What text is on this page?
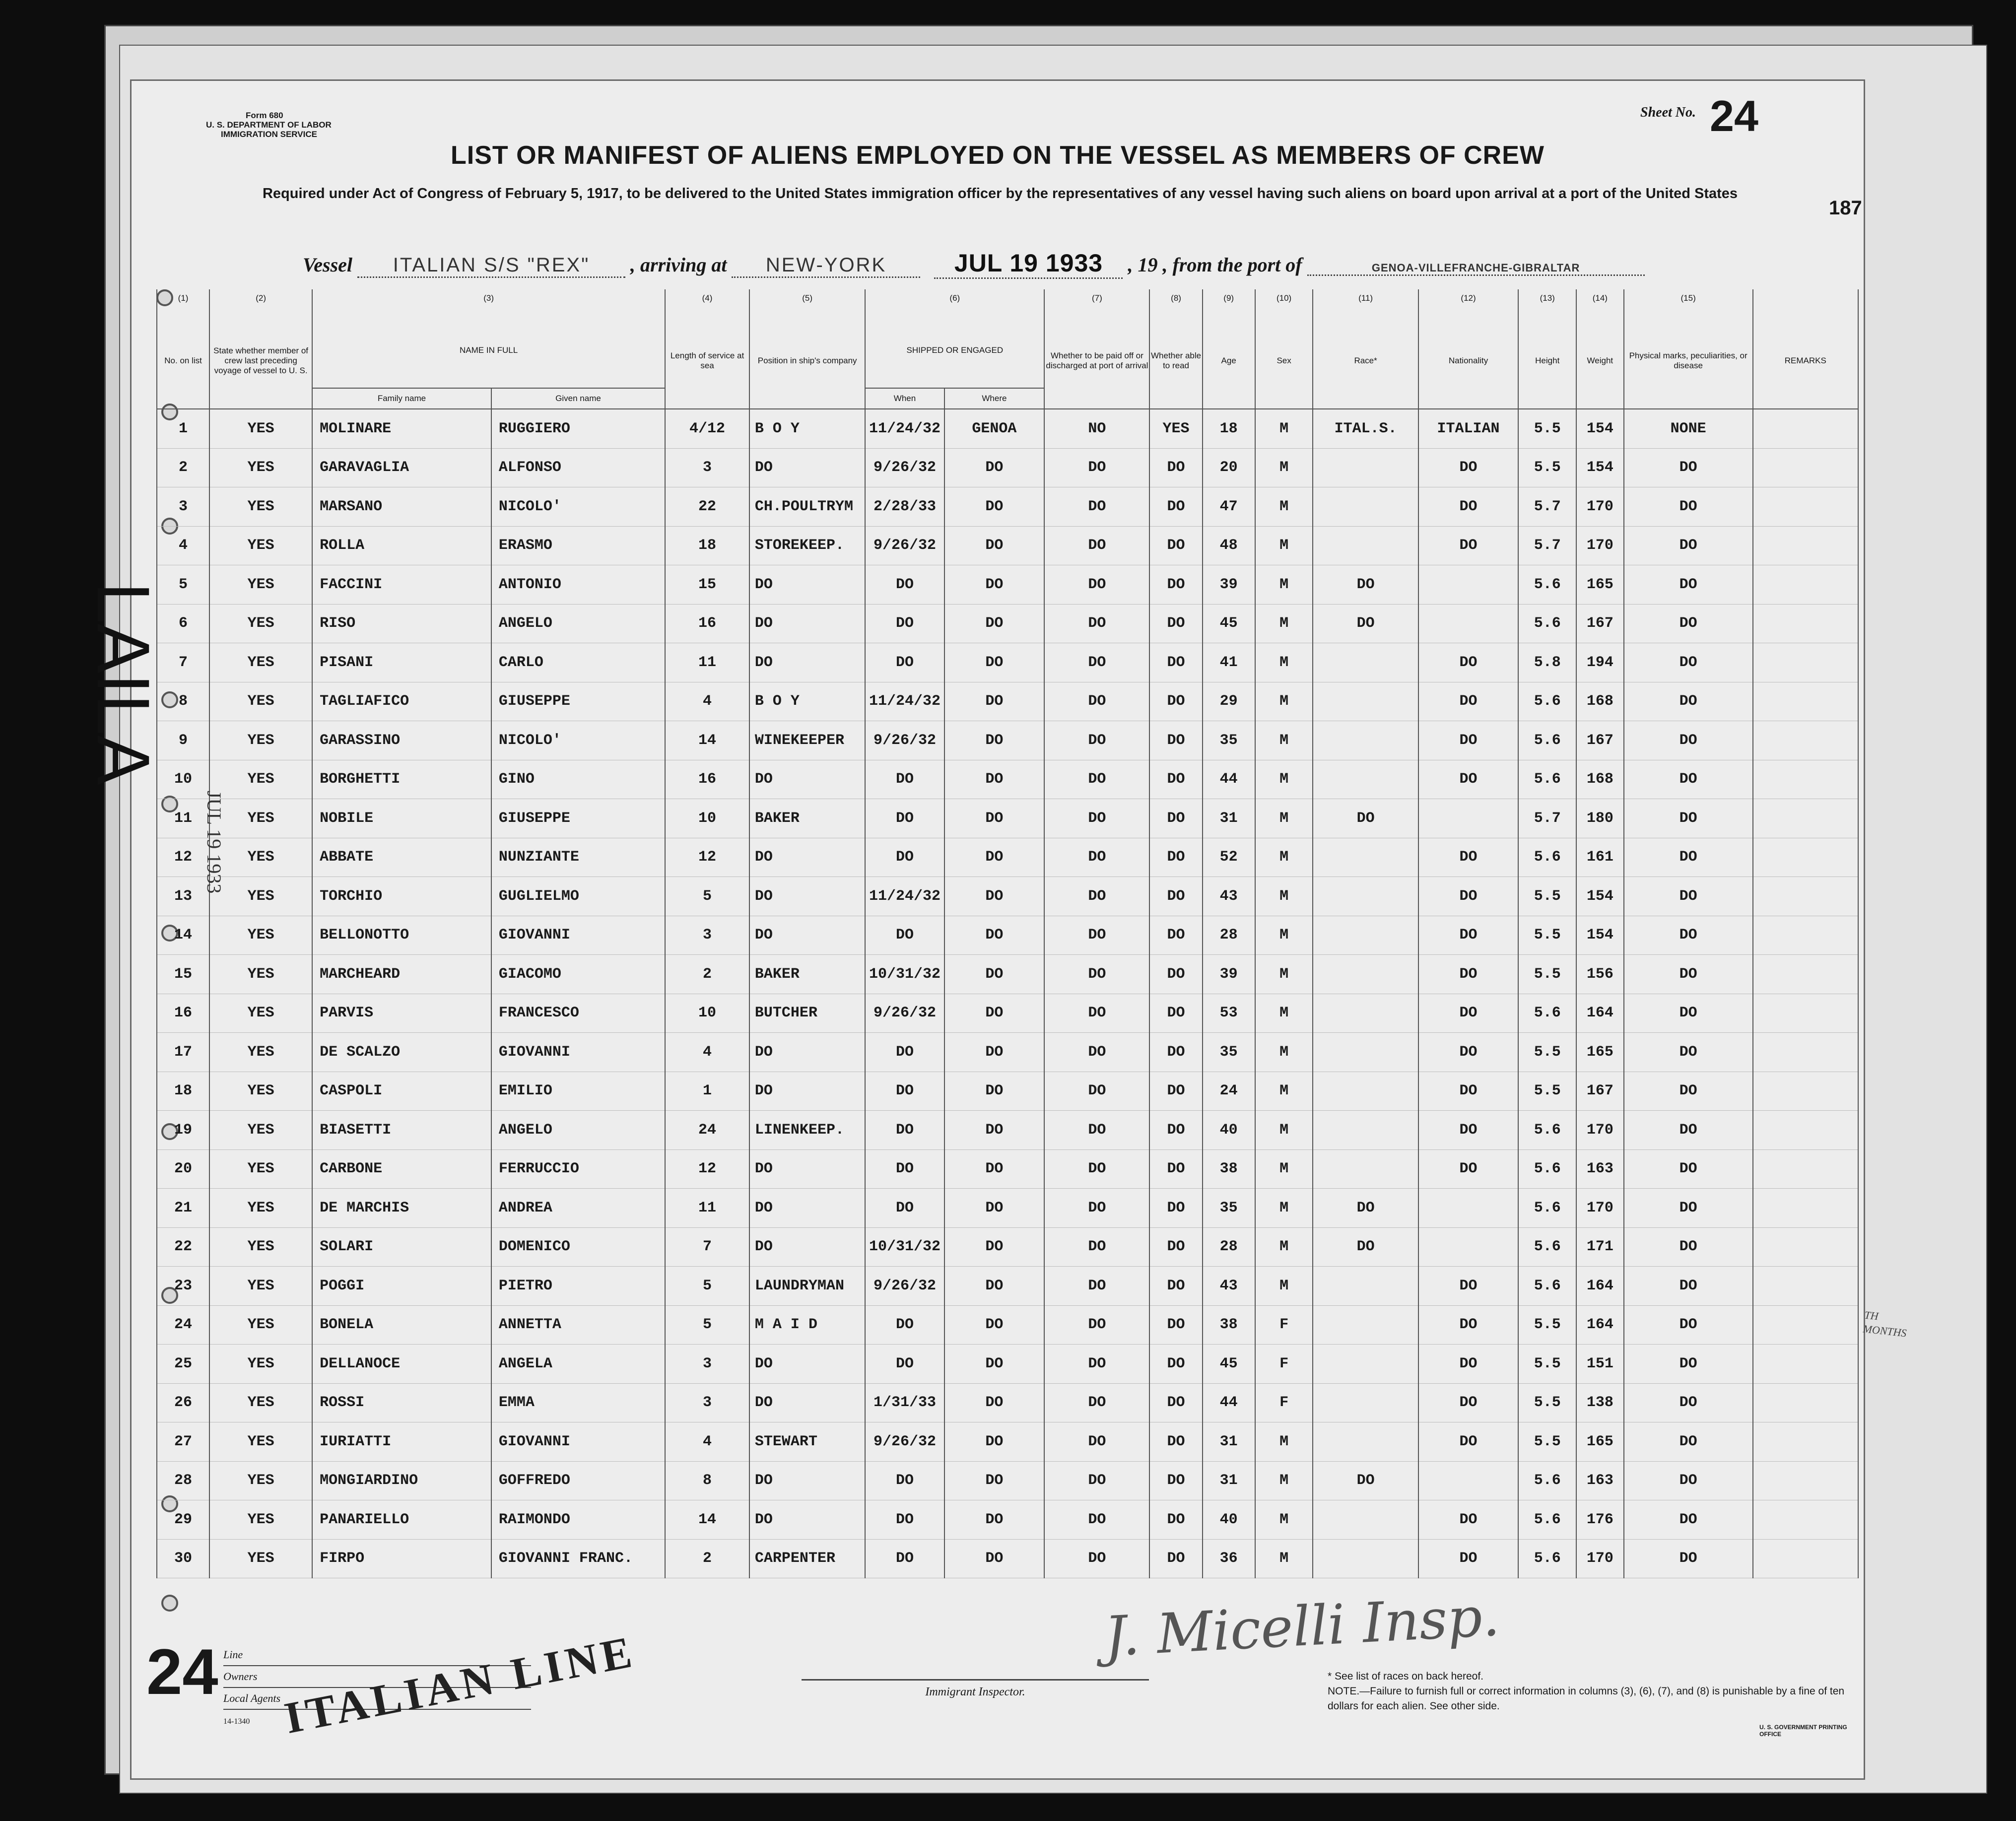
Form 680
U. S. DEPARTMENT OF LABOR
IMMIGRATION SERVICE
Sheet No. 24
LIST OR MANIFEST OF ALIENS EMPLOYED ON THE VESSEL AS MEMBERS OF CREW
Required under Act of Congress of February 5, 1917, to be delivered to the United States immigration officer by the representatives of any vessel having such aliens on board upon arrival at a port of the United States
187
Vessel ITALIAN S/S "REX" , arriving at NEW-YORK	JUL 19 1933 , 19 , from the port of	GENOA-VILLEFRANCHE-GIBRALTAR
(1)	(2)	(3)		(4)	(5)	(6)		(7)	(8)	(9)	(10)	(11)	(12)	(13)	(14)	(15)	
No. on list	State whether member of crew last preceding voyage of vessel to U. S.	NAME IN FULL		Length of service at sea	Position in ship's company	SHIPPED OR ENGAGED		Whether to be paid off or discharged at port of arrival	Whether able to read	Age	Sex	Race*	Nationality	Height	Weight	Physical marks, peculiarities, or disease	REMARKS
		Family name	Given name			When	Where										
1	YES	MOLINARE	RUGGIERO	4/12	B O Y	11/24/32	GENOA	NO	YES	18	M	ITAL.S.	ITALIAN	5.5	154	NONE	
2	YES	GARAVAGLIA	ALFONSO	3	DO	9/26/32	DO	DO	DO	20	M		DO	5.5	154	DO	
3	YES	MARSANO	NICOLO'	22	CH.POULTRYM	2/28/33	DO	DO	DO	47	M		DO	5.7	170	DO	
4	YES	ROLLA	ERASMO	18	STOREKEEP.	9/26/32	DO	DO	DO	48	M		DO	5.7	170	DO	
5	YES	FACCINI	ANTONIO	15	DO	DO	DO	DO	DO	39	M	DO		5.6	165	DO	
6	YES	RISO	ANGELO	16	DO	DO	DO	DO	DO	45	M	DO		5.6	167	DO	
7	YES	PISANI	CARLO	11	DO	DO	DO	DO	DO	41	M		DO	5.8	194	DO	
8	YES	TAGLIAFICO	GIUSEPPE	4	B O Y	11/24/32	DO	DO	DO	29	M		DO	5.6	168	DO	
9	YES	GARASSINO	NICOLO'	14	WINEKEEPER	9/26/32	DO	DO	DO	35	M		DO	5.6	167	DO	
10	YES	BORGHETTI	GINO	16	DO	DO	DO	DO	DO	44	M		DO	5.6	168	DO	
11	YES	NOBILE	GIUSEPPE	10	BAKER	DO	DO	DO	DO	31	M	DO		5.7	180	DO	
12	YES	ABBATE	NUNZIANTE	12	DO	DO	DO	DO	DO	52	M		DO	5.6	161	DO	
13	YES	TORCHIO	GUGLIELMO	5	DO	11/24/32	DO	DO	DO	43	M		DO	5.5	154	DO	
14	YES	BELLONOTTO	GIOVANNI	3	DO	DO	DO	DO	DO	28	M		DO	5.5	154	DO	
15	YES	MARCHEARD	GIACOMO	2	BAKER	10/31/32	DO	DO	DO	39	M		DO	5.5	156	DO	
16	YES	PARVIS	FRANCESCO	10	BUTCHER	9/26/32	DO	DO	DO	53	M		DO	5.6	164	DO	
17	YES	DE SCALZO	GIOVANNI	4	DO	DO	DO	DO	DO	35	M		DO	5.5	165	DO	
18	YES	CASPOLI	EMILIO	1	DO	DO	DO	DO	DO	24	M		DO	5.5	167	DO	
19	YES	BIASETTI	ANGELO	24	LINENKEEP.	DO	DO	DO	DO	40	M		DO	5.6	170	DO	
20	YES	CARBONE	FERRUCCIO	12	DO	DO	DO	DO	DO	38	M		DO	5.6	163	DO	
21	YES	DE MARCHIS	ANDREA	11	DO	DO	DO	DO	DO	35	M	DO		5.6	170	DO	
22	YES	SOLARI	DOMENICO	7	DO	10/31/32	DO	DO	DO	28	M	DO		5.6	171	DO	
23	YES	POGGI	PIETRO	5	LAUNDRYMAN	9/26/32	DO	DO	DO	43	M		DO	5.6	164	DO	
24	YES	BONELA	ANNETTA	5	M A I D	DO	DO	DO	DO	38	F		DO	5.5	164	DO	
25	YES	DELLANOCE	ANGELA	3	DO	DO	DO	DO	DO	45	F		DO	5.5	151	DO	
26	YES	ROSSI	EMMA	3	DO	1/31/33	DO	DO	DO	44	F		DO	5.5	138	DO	
27	YES	IURIATTI	GIOVANNI	4	STEWART	9/26/32	DO	DO	DO	31	M		DO	5.5	165	DO	
28	YES	MONGIARDINO	GOFFREDO	8	DO	DO	DO	DO	DO	31	M	DO		5.6	163	DO	
29	YES	PANARIELLO	RAIMONDO	14	DO	DO	DO	DO	DO	40	M		DO	5.6	176	DO	
30	YES	FIRPO	GIOVANNI FRANC.	2	CARPENTER	DO	DO	DO	DO	36	M		DO	5.6	170	DO	
LAILA
JUL 19 1933
24 Line
Owners
Local Agents
14-1340 ITALIAN LINE
J. Micelli Insp.
Immigrant Inspector.
* See list of races on back hereof.
NOTE.—Failure to furnish full or correct information in columns (3), (6), (7), and (8) is punishable by a fine of ten dollars for each alien. See other side.
U. S. GOVERNMENT PRINTING OFFICE
TH
MONTHS
